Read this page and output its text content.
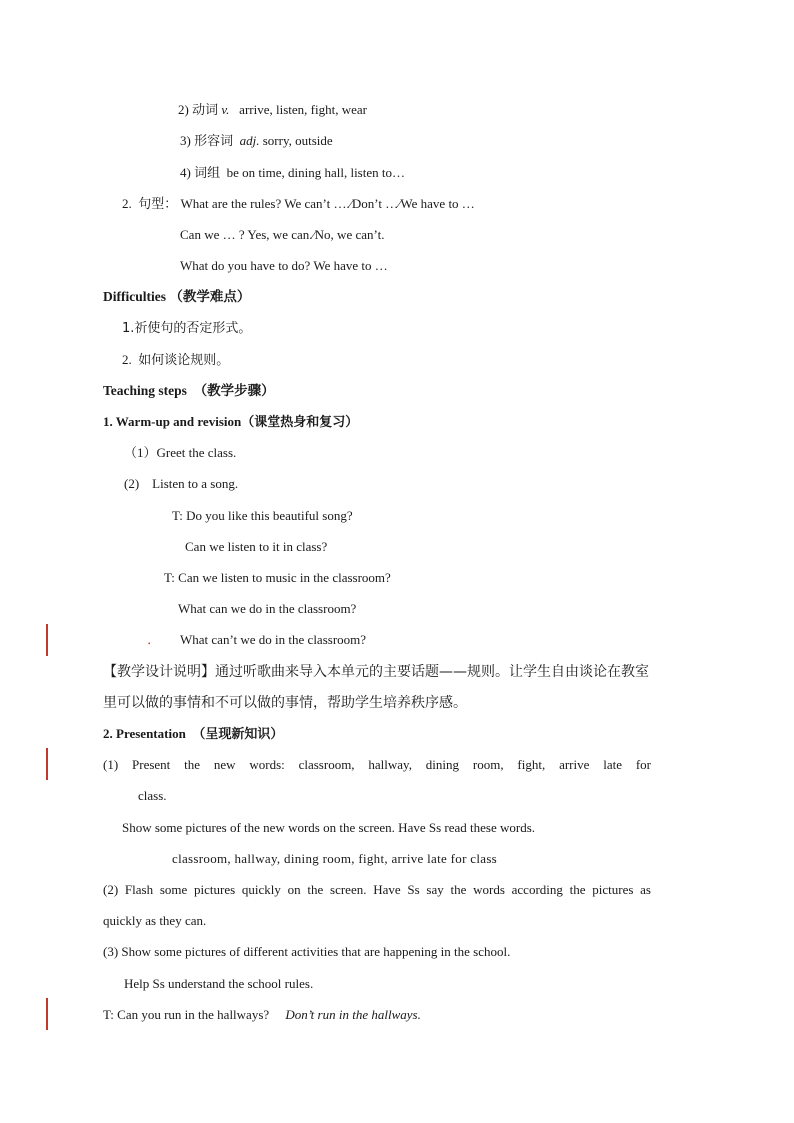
2) 动词 v. arrive, listen, fight, wear
3) 形容词 adj. sorry, outside
4) 词组 be on time, dining hall, listen to…
2. 句型： What are the rules? We can’t ….⁄Don’t …⁄We have to …
Can we … ? Yes, we can.⁄No, we can’t.
What do you have to do? We have to …
Difficulties （教学难点）
1.祈使句的否定形式。
2. 如何谈论规则。
Teaching steps （教学步骤）
1. Warm-up and revision（课堂热身和复习）
（1）Greet the class.
(2) Listen to a song.
T: Do you like this beautiful song?
Can we listen to it in class?
T: Can we listen to music in the classroom?
What can we do in the classroom?
• What can’t we do in the classroom?
【教学设计说明】通过听歌曲来导入本单元的主要话题——规则。让学生自由谈论在教室
里可以做的事情和不可以做的事情，帮助学生培养秩序感。
2. Presentation （呈现新知识）
(1) Present the new words: classroom, hallway, dining room, fight, arrive late for
class.
Show some pictures of the new words on the screen. Have Ss read these words.
classroom, hallway, dining room, fight, arrive late for class
(2) Flash some pictures quickly on the screen. Have Ss say the words according the pictures as
quickly as they can.
(3) Show some pictures of different activities that are happening in the school.
Help Ss understand the school rules.
T: Can you run in the hallways? Don’t run in the hallways.
